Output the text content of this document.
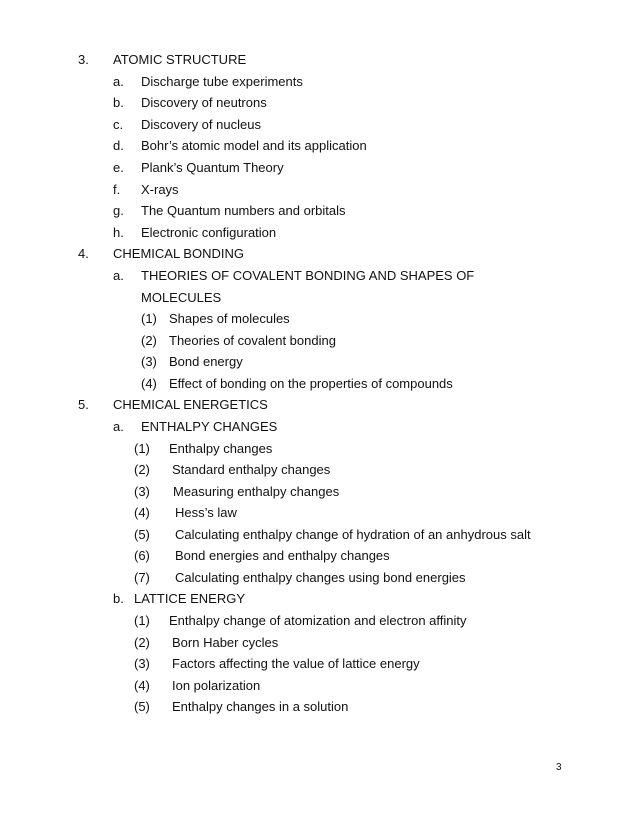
3. ATOMIC STRUCTURE
a. Discharge tube experiments
b. Discovery of neutrons
c. Discovery of nucleus
d. Bohr’s atomic model and its application
e. Plank’s Quantum Theory
f. X-rays
g. The Quantum numbers and orbitals
h. Electronic configuration
4. CHEMICAL BONDING
a. THEORIES OF COVALENT BONDING AND SHAPES OF
MOLECULES
(1) Shapes of molecules
(2) Theories of covalent bonding
(3) Bond energy
(4) Effect of bonding on the properties of compounds
5. CHEMICAL ENERGETICS
a. ENTHALPY CHANGES
(1) Enthalpy changes
(2) Standard enthalpy changes
(3) Measuring enthalpy changes
(4) Hess’s law
(5) Calculating enthalpy change of hydration of an anhydrous salt
(6) Bond energies and enthalpy changes
(7) Calculating enthalpy changes using bond energies
b. LATTICE ENERGY
(1) Enthalpy change of atomization and electron affinity
(2) Born Haber cycles
(3) Factors affecting the value of lattice energy
(4) Ion polarization
(5) Enthalpy changes in a solution
3
